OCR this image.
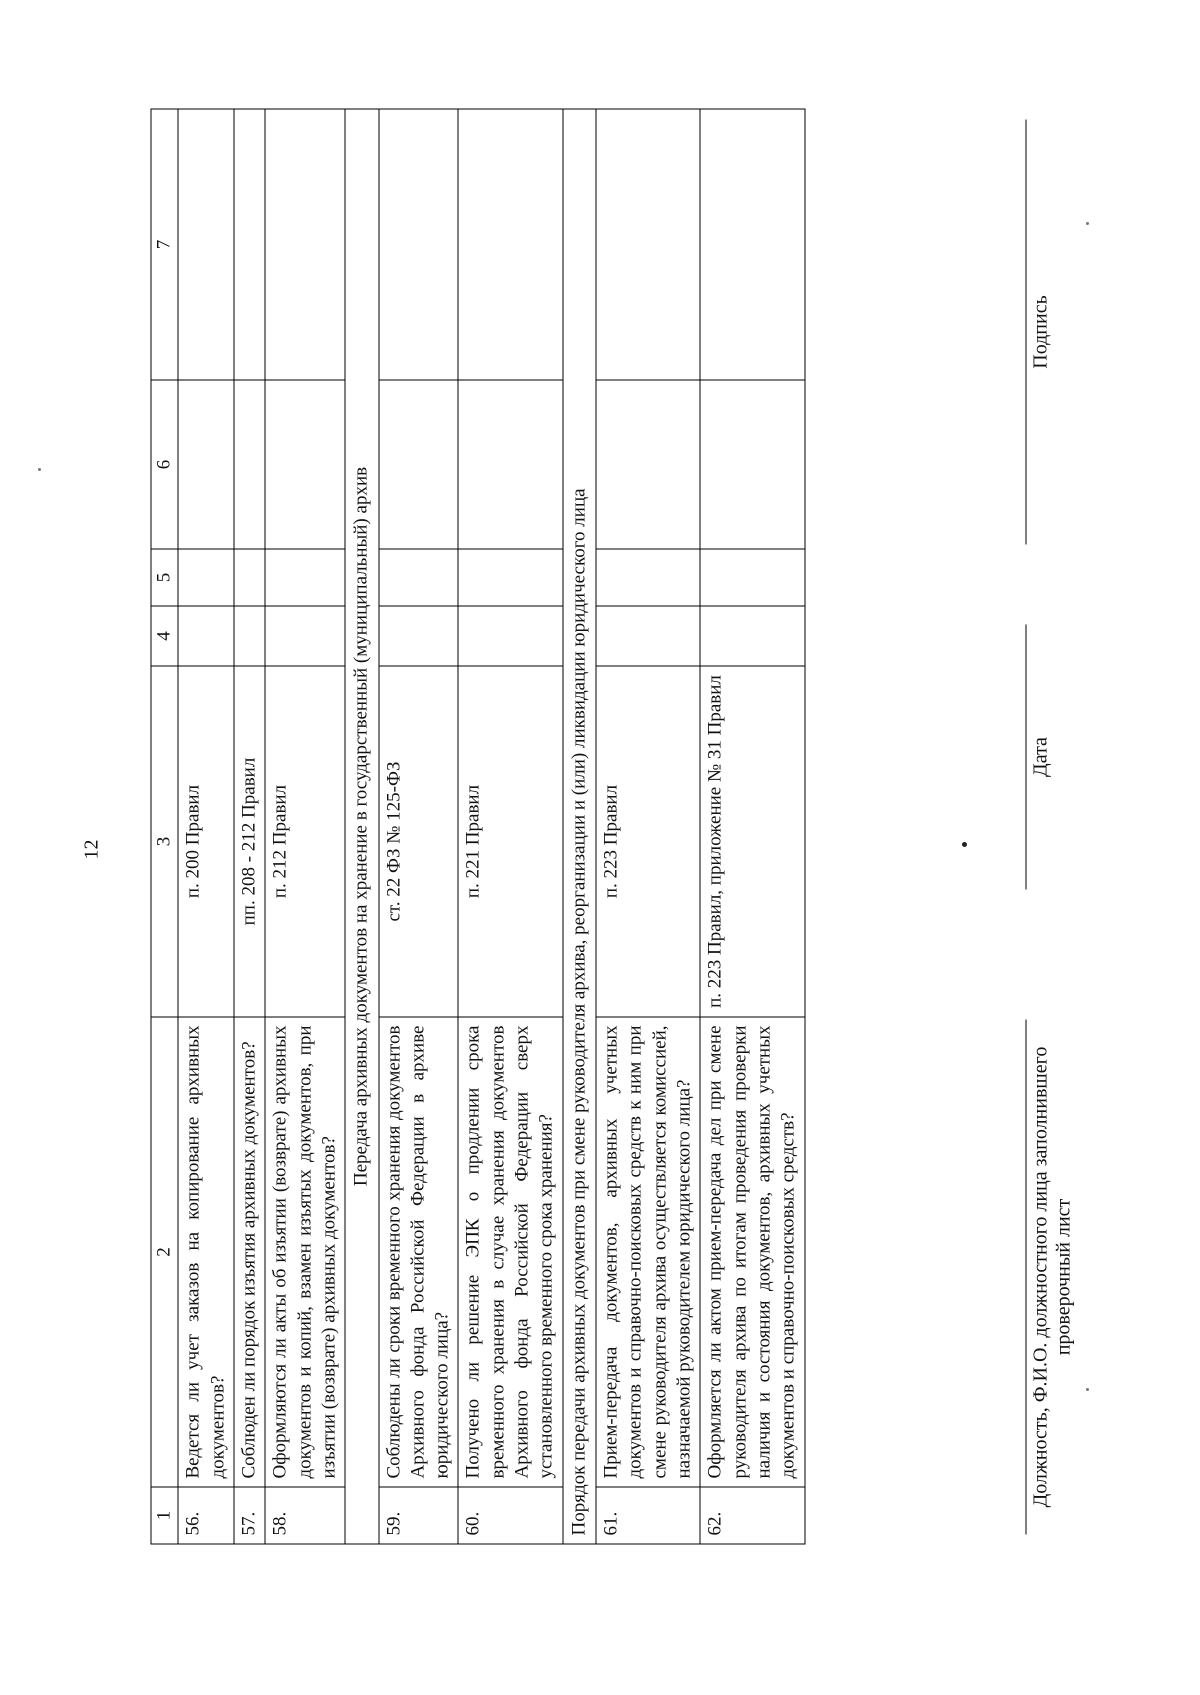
12
1	2	3	4	5	6	7
56.	Ведется ли учет заказов на копирование архивных документов?	п. 200 Правил				
57.	Соблюден ли порядок изъятия архивных документов?	пп. 208 - 212 Правил				
58.	Оформляются ли акты об изъятии (возврате) архивных документов и копий, взамен изъятых документов, при изъятии (возврате) архивных документов?	п. 212 Правил				
Передача архивных документов на хранение в государственный (муниципальный) архив						
59.	Соблюдены ли сроки временного хранения документов Архивного фонда Российской Федерации в архиве юридического лица?	ст. 22 ФЗ № 125-ФЗ				
60.	Получено ли решение ЭПК о продлении срока временного хранения в случае хранения документов Архивного фонда Российской Федерации сверх установленного временного срока хранения?	п. 221 Правил				
Порядок передачи архивных документов при смене руководителя архива, реорганизации и (или) ликвидации юридического лица						
61.	Прием-передача документов, архивных учетных документов и справочно-поисковых средств к ним при смене руководителя архива осуществляется комиссией, назначаемой руководителем юридического лица?	п. 223 Правил				
62.	Оформляется ли актом прием-передача дел при смене руководителя архива по итогам проведения проверки наличия и состояния документов, архивных учетных документов и справочно-поисковых средств?	п. 223 Правил, приложение № 31 Правил				
Должность, Ф.И.О. должностного лица заполнившего проверочный лист
Дата
Подпись
